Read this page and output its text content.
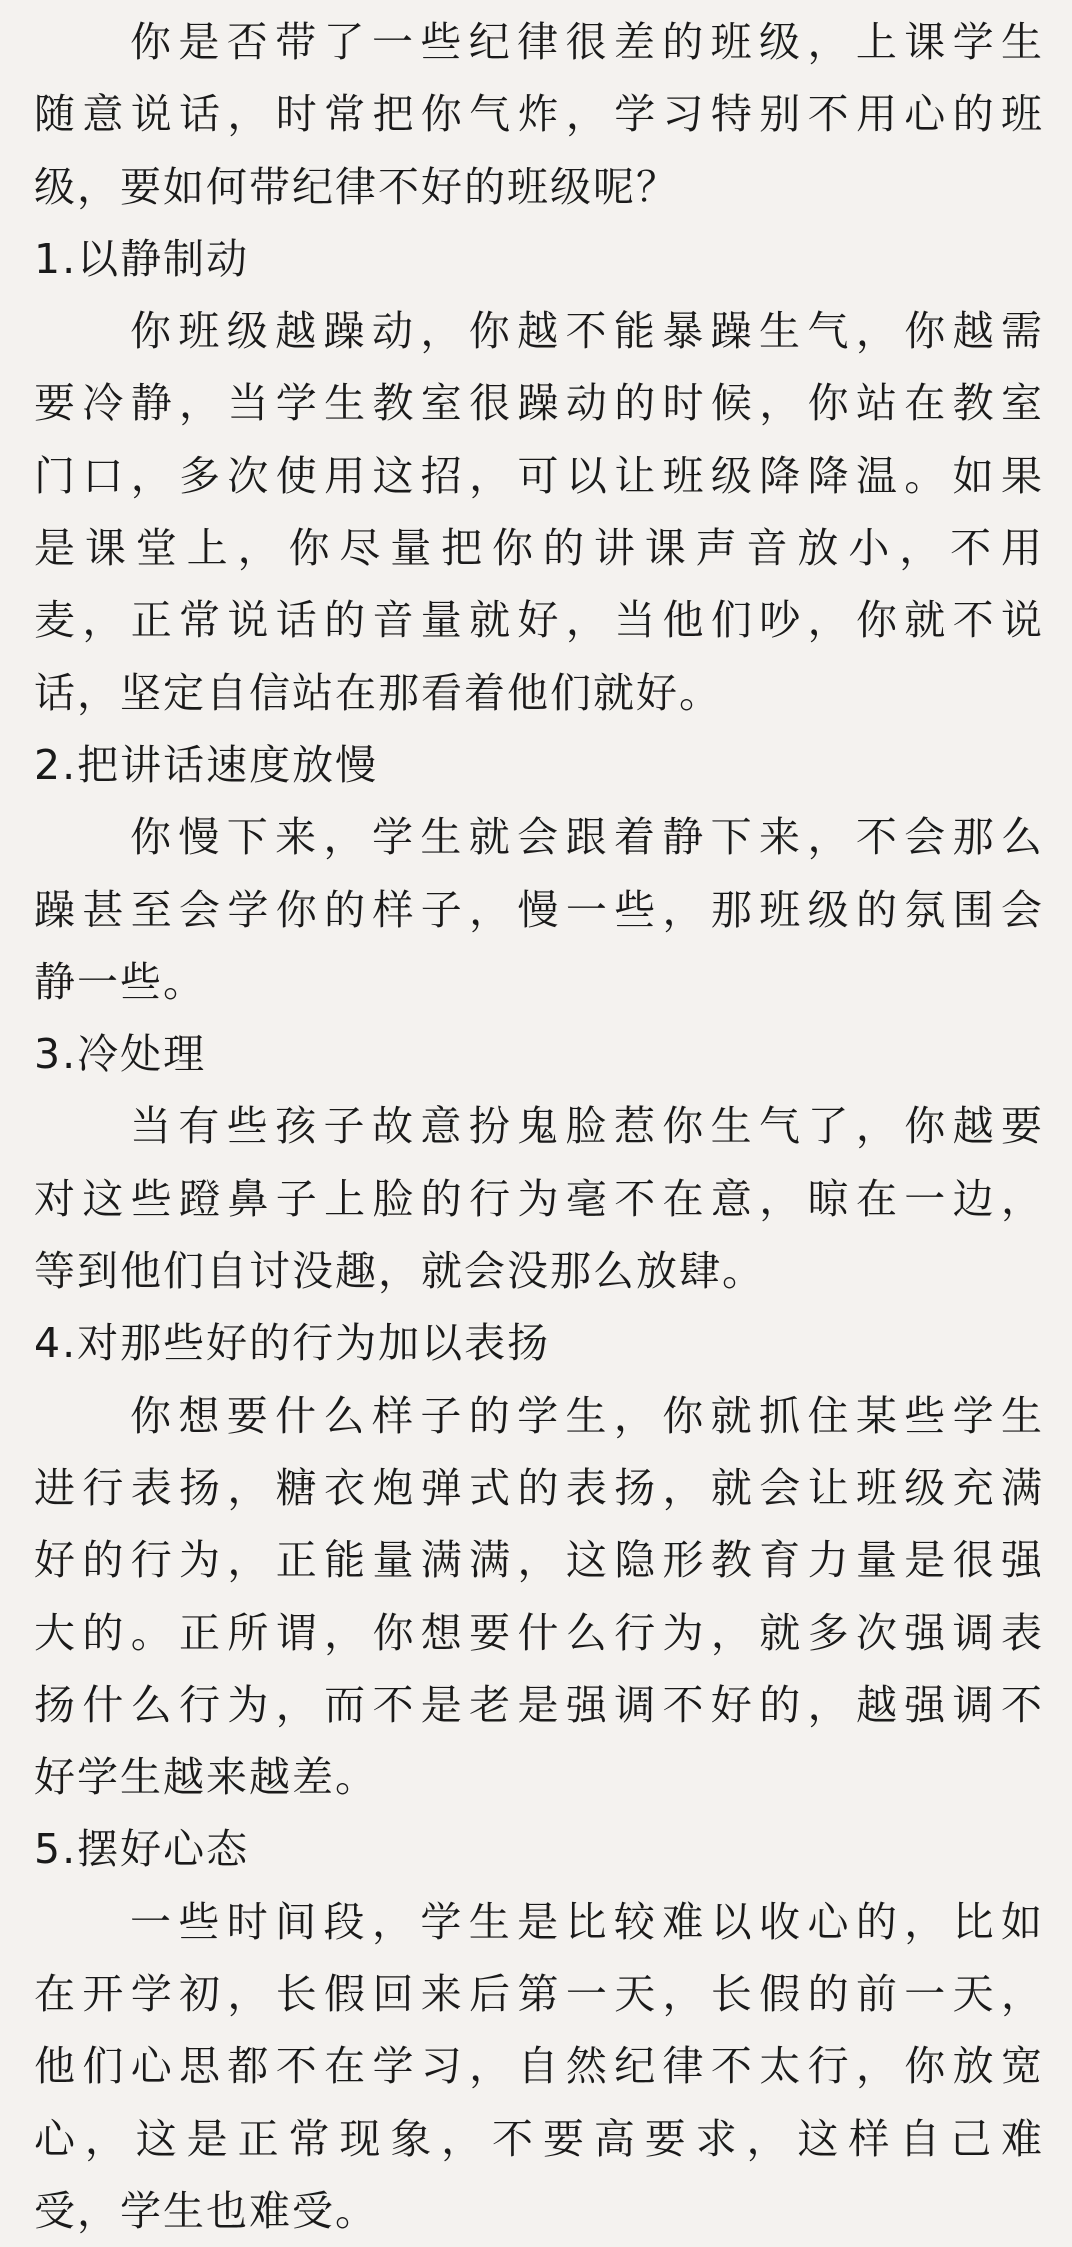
你是否带了一些纪律很差的班级，上课学生
随意说话，时常把你气炸，学习特别不用心的班
级，要如何带纪律不好的班级呢？
1.以静制动
你班级越躁动，你越不能暴躁生气，你越需
要冷静，当学生教室很躁动的时候，你站在教室
门口，多次使用这招，可以让班级降降温。如果
是课堂上，你尽量把你的讲课声音放小，不用
麦，正常说话的音量就好，当他们吵，你就不说
话，坚定自信站在那看着他们就好。
2.把讲话速度放慢
你慢下来，学生就会跟着静下来，不会那么
躁甚至会学你的样子，慢一些，那班级的氛围会
静一些。
3.冷处理
当有些孩子故意扮鬼脸惹你生气了，你越要
对这些蹬鼻子上脸的行为毫不在意，晾在一边，
等到他们自讨没趣，就会没那么放肆。
4.对那些好的行为加以表扬
你想要什么样子的学生，你就抓住某些学生
进行表扬，糖衣炮弹式的表扬，就会让班级充满
好的行为，正能量满满，这隐形教育力量是很强
大的。正所谓，你想要什么行为，就多次强调表
扬什么行为，而不是老是强调不好的，越强调不
好学生越来越差。
5.摆好心态
一些时间段，学生是比较难以收心的，比如
在开学初，长假回来后第一天，长假的前一天，
他们心思都不在学习，自然纪律不太行，你放宽
心，这是正常现象，不要高要求，这样自己难
受，学生也难受。
